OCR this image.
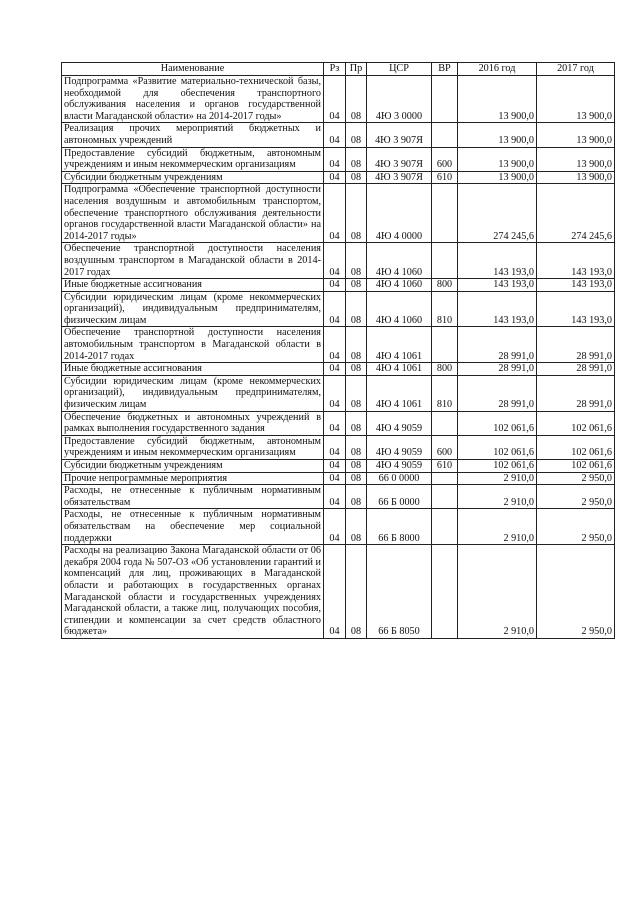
Наименование	Рз	Пр	ЦСР	ВР	2016 год	2017 год
Подпрограмма «Развитие материально-технической базы, необходимой для обеспечения транспортного обслуживания населения и органов государственной власти Магаданской области» на 2014-2017 годы»	04	08	4Ю 3 0000		13 900,0	13 900,0
Реализация прочих мероприятий бюджетных и автономных учреждений	04	08	4Ю 3 907Я		13 900,0	13 900,0
Предоставление субсидий бюджетным, автономным учреждениям и иным некоммерческим организациям	04	08	4Ю 3 907Я	600	13 900,0	13 900,0
Субсидии бюджетным учреждениям	04	08	4Ю 3 907Я	610	13 900,0	13 900,0
Подпрограмма «Обеспечение транспортной доступности населения воздушным и автомобильным транспортом, обеспечение транспортного обслуживания деятельности органов государственной власти Магаданской области» на 2014-2017 годы»	04	08	4Ю 4 0000		274 245,6	274 245,6
Обеспечение транспортной доступности населения воздушным транспортом в Магаданской области в 2014- 2017 годах	04	08	4Ю 4 1060		143 193,0	143 193,0
Иные бюджетные ассигнования	04	08	4Ю 4 1060	800	143 193,0	143 193,0
Субсидии юридическим лицам (кроме некоммерческих организаций), индивидуальным предпринимателям, физическим лицам	04	08	4Ю 4 1060	810	143 193,0	143 193,0
Обеспечение транспортной доступности населения автомобильным транспортом в Магаданской области в 2014-2017 годах	04	08	4Ю 4 1061		28 991,0	28 991,0
Иные бюджетные ассигнования	04	08	4Ю 4 1061	800	28 991,0	28 991,0
Субсидии юридическим лицам (кроме некоммерческих организаций), индивидуальным предпринимателям, физическим лицам	04	08	4Ю 4 1061	810	28 991,0	28 991,0
Обеспечение бюджетных и автономных учреждений в рамках выполнения государственного задания	04	08	4Ю 4 9059		102 061,6	102 061,6
Предоставление субсидий бюджетным, автономным учреждениям и иным некоммерческим организациям	04	08	4Ю 4 9059	600	102 061,6	102 061,6
Субсидии бюджетным учреждениям	04	08	4Ю 4 9059	610	102 061,6	102 061,6
Прочие непрограммные мероприятия	04	08	66 0 0000		2 910,0	2 950,0
Расходы, не отнесенные к публичным нормативным обязательствам	04	08	66 Б 0000		2 910,0	2 950,0
Расходы, не отнесенные к публичным нормативным обязательствам на обеспечение мер социальной поддержки	04	08	66 Б 8000		2 910,0	2 950,0
Расходы на реализацию Закона Магаданской области от 06 декабря 2004 года № 507-ОЗ «Об установлении гарантий и компенсаций для лиц, проживающих в Магаданской области и работающих в государственных органах Магаданской области и государственных учреждениях Магаданской области, а также лиц, получающих пособия, стипендии и компенсации за счет средств областного бюджета»	04	08	66 Б 8050		2 910,0	2 950,0
